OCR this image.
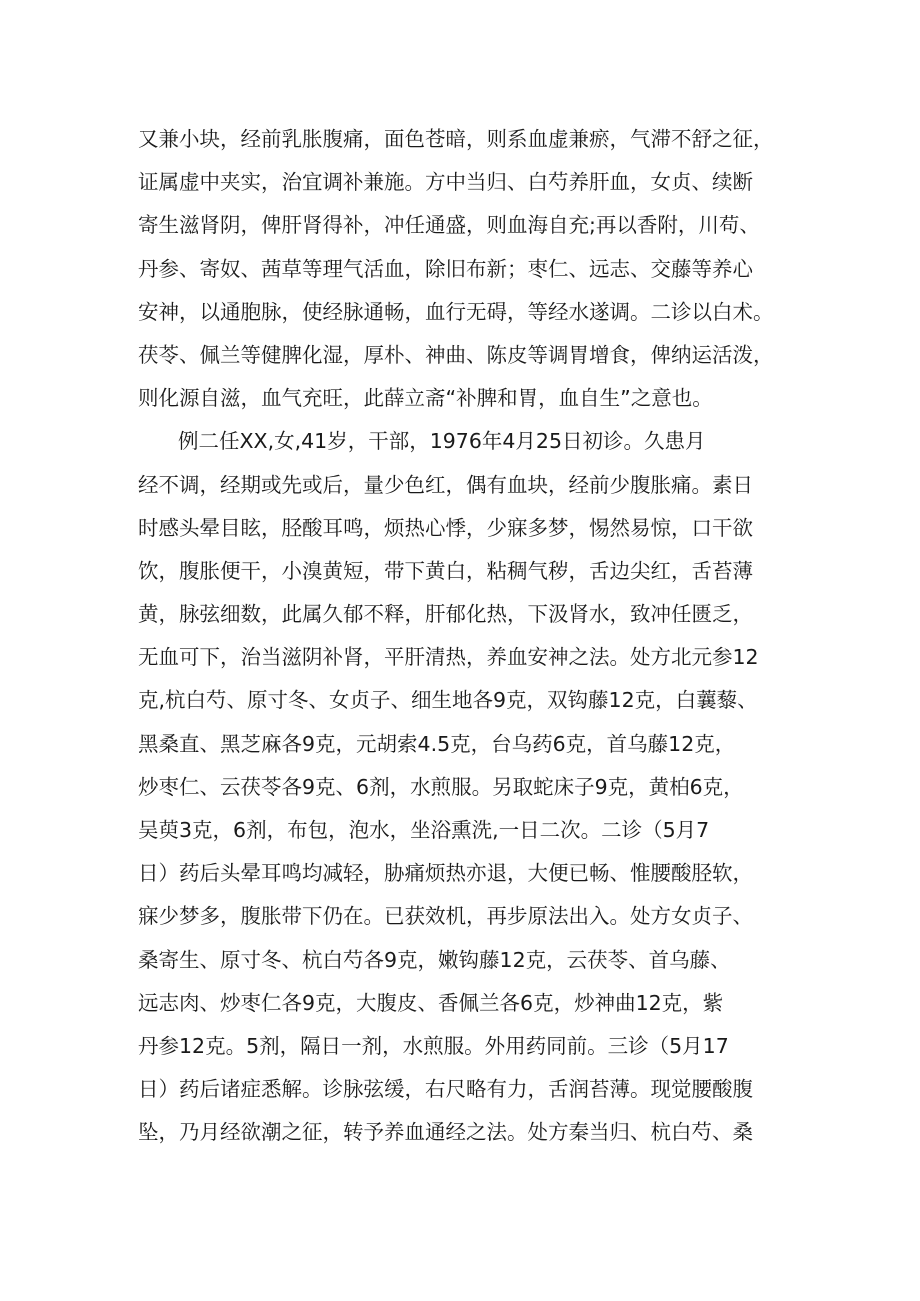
又兼小块，经前乳胀腹痛，面色苍暗，则系血虚兼瘀，气滞不舒之征，
证属虚中夹实，治宜调补兼施。方中当归、白芍养肝血，女贞、续断
寄生滋肾阴，俾肝肾得补，冲任通盛，则血海自充;再以香附，川苟、
丹参、寄奴、茜草等理气活血，除旧布新；枣仁、远志、交藤等养心
安神，以通胞脉，使经脉通畅，血行无碍，等经水遂调。二诊以白术。
茯苓、佩兰等健脾化湿，厚朴、神曲、陈皮等调胃增食，俾纳运活泼，
则化源自滋，血气充旺，此薛立斋“补脾和胃，血自生”之意也。
例二任XX,女,41岁，干部，1976年4月25日初诊。久患月
经不调，经期或先或后，量少色红，偶有血块，经前少腹胀痛。素日
时感头晕目眩，胫酸耳鸣，烦热心悸，少寐多梦，惕然易惊，口干欲
饮，腹胀便干，小溴黄短，带下黄白，粘稠气秽，舌边尖红，舌苔薄
黄，脉弦细数，此属久郁不释，肝郁化热，下汲肾水，致冲任匮乏，
无血可下，治当滋阴补肾，平肝清热，养血安神之法。处方北元参12
克,杭白芍、原寸冬、女贞子、细生地各9克，双钩藤12克，白蘘藜、
黑桑直、黑芝麻各9克，元胡索4.5克，台乌药6克，首乌藤12克，
炒枣仁、云茯苓各9克、6剂，水煎服。另取蛇床子9克，黄柏6克，
吴萸3克，6剂，布包，泡水，坐浴熏洗,一日二次。二诊（5月7
日）药后头晕耳鸣均减轻，胁痛烦热亦退，大便已畅、惟腰酸胫软，
寐少梦多，腹胀带下仍在。已获效机，再步原法出入。处方女贞子、
桑寄生、原寸冬、杭白芍各9克，嫩钩藤12克，云茯苓、首乌藤、
远志肉、炒枣仁各9克，大腹皮、香佩兰各6克，炒神曲12克，紫
丹参12克。5剂，隔日一剂，水煎服。外用药同前。三诊（5月17
日）药后诸症悉解。诊脉弦缓，右尺略有力，舌润苔薄。现觉腰酸腹
坠，乃月经欲潮之征，转予养血通经之法。处方秦当归、杭白芍、桑
